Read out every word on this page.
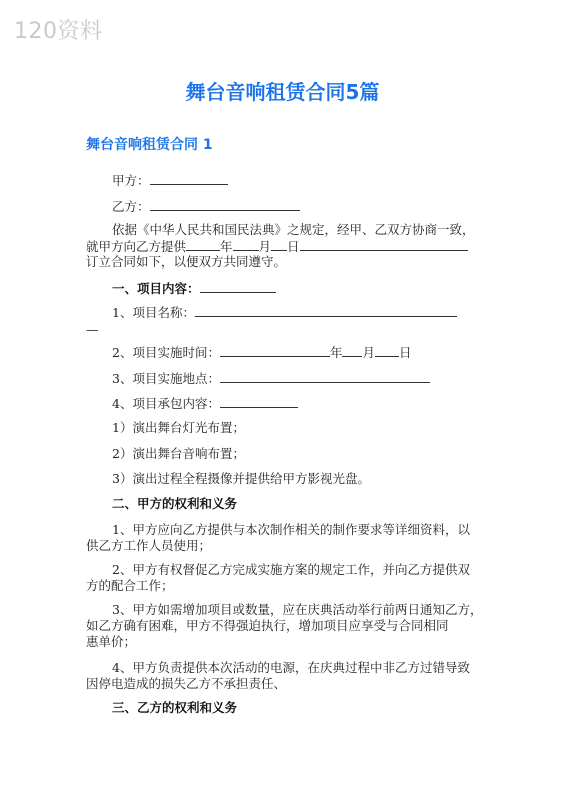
120资料
舞台音响租赁合同5篇
舞台音响租赁合同 1
甲方：
乙方：
依据《中华人民共和国民法典》之规定，经甲、乙双方协商一致，
就甲方向乙方提供	年 月 日
订立合同如下，以便双方共同遵守。
一、项目内容：
1、项目名称：
—
2、项目实施时间：	年 月 日
3、项目实施地点：
4、项目承包内容：
1）演出舞台灯光布置；
2）演出舞台音响布置；
3）演出过程全程摄像并提供给甲方影视光盘。
二、甲方的权利和义务
1、甲方应向乙方提供与本次制作相关的制作要求等详细资料，以
供乙方工作人员使用；
2、甲方有权督促乙方完成实施方案的规定工作，并向乙方提供双
方的配合工作；
3、甲方如需增加项目或数量，应在庆典活动举行前两日通知乙方，
如乙方确有困难，甲方不得强迫执行，增加项目应享受与合同相同
惠单价；
4、甲方负责提供本次活动的电源，在庆典过程中非乙方过错导致
因停电造成的损失乙方不承担责任、
三、乙方的权利和义务
